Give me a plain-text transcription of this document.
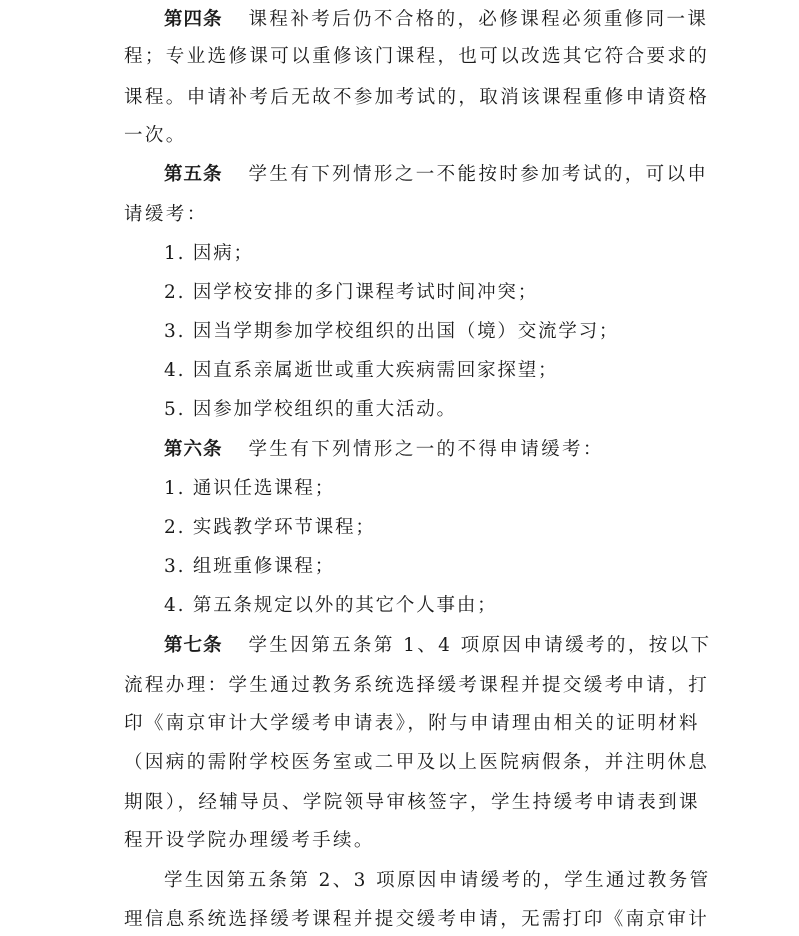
第四条 课程补考后仍不合格的，必修课程必须重修同一课
程；专业选修课可以重修该门课程，也可以改选其它符合要求的
课程。申请补考后无故不参加考试的，取消该课程重修申请资格
一次。
第五条 学生有下列情形之一不能按时参加考试的，可以申
请缓考：
1. 因病；
2. 因学校安排的多门课程考试时间冲突；
3. 因当学期参加学校组织的出国（境）交流学习；
4. 因直系亲属逝世或重大疾病需回家探望；
5. 因参加学校组织的重大活动。
第六条 学生有下列情形之一的不得申请缓考：
1. 通识任选课程；
2. 实践教学环节课程；
3. 组班重修课程；
4. 第五条规定以外的其它个人事由；
第七条 学生因第五条第 1、4 项原因申请缓考的，按以下
流程办理：学生通过教务系统选择缓考课程并提交缓考申请，打
印《南京审计大学缓考申请表》，附与申请理由相关的证明材料
（因病的需附学校医务室或二甲及以上医院病假条，并注明休息
期限），经辅导员、学院领导审核签字，学生持缓考申请表到课
程开设学院办理缓考手续。
学生因第五条第 2、3 项原因申请缓考的，学生通过教务管
理信息系统选择缓考课程并提交缓考申请，无需打印《南京审计
